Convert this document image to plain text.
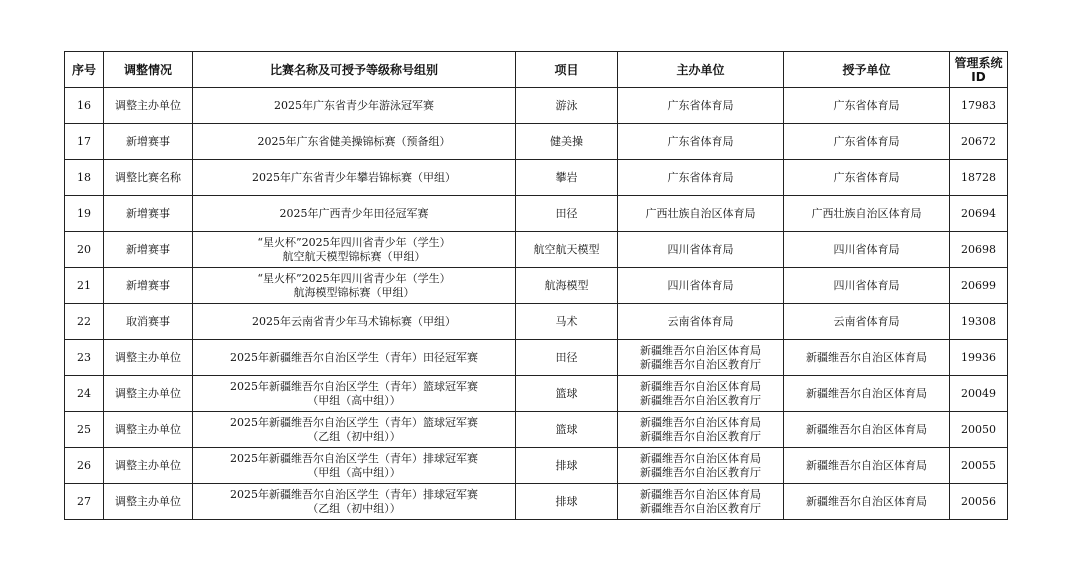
序号	调整情况	比赛名称及可授予等级称号组别	项目	主办单位	授予单位	管理系统
ID

16	调整主办单位	2025年广东省青少年游泳冠军赛	游泳	广东省体育局	广东省体育局	17983
17	新增赛事	2025年广东省健美操锦标赛（预备组）	健美操	广东省体育局	广东省体育局	20672
18	调整比赛名称	2025年广东省青少年攀岩锦标赛（甲组）	攀岩	广东省体育局	广东省体育局	18728
19	新增赛事	2025年广西青少年田径冠军赛	田径	广西壮族自治区体育局	广西壮族自治区体育局	20694
20	新增赛事	“星火杯”2025年四川省青少年（学生）
航空航天模型锦标赛（甲组）	航空航天模型	四川省体育局	四川省体育局	20698
21	新增赛事	“星火杯”2025年四川省青少年（学生）
航海模型锦标赛（甲组）	航海模型	四川省体育局	四川省体育局	20699
22	取消赛事	2025年云南省青少年马术锦标赛（甲组）	马术	云南省体育局	云南省体育局	19308
23	调整主办单位	2025年新疆维吾尔自治区学生（青年）田径冠军赛	田径	新疆维吾尔自治区体育局
新疆维吾尔自治区教育厅	新疆维吾尔自治区体育局	19936
24	调整主办单位	2025年新疆维吾尔自治区学生（青年）篮球冠军赛
（甲组（高中组））	篮球	新疆维吾尔自治区体育局
新疆维吾尔自治区教育厅	新疆维吾尔自治区体育局	20049
25	调整主办单位	2025年新疆维吾尔自治区学生（青年）篮球冠军赛
（乙组（初中组））	篮球	新疆维吾尔自治区体育局
新疆维吾尔自治区教育厅	新疆维吾尔自治区体育局	20050
26	调整主办单位	2025年新疆维吾尔自治区学生（青年）排球冠军赛
（甲组（高中组））	排球	新疆维吾尔自治区体育局
新疆维吾尔自治区教育厅	新疆维吾尔自治区体育局	20055
27	调整主办单位	2025年新疆维吾尔自治区学生（青年）排球冠军赛
（乙组（初中组））	排球	新疆维吾尔自治区体育局
新疆维吾尔自治区教育厅	新疆维吾尔自治区体育局	20056
